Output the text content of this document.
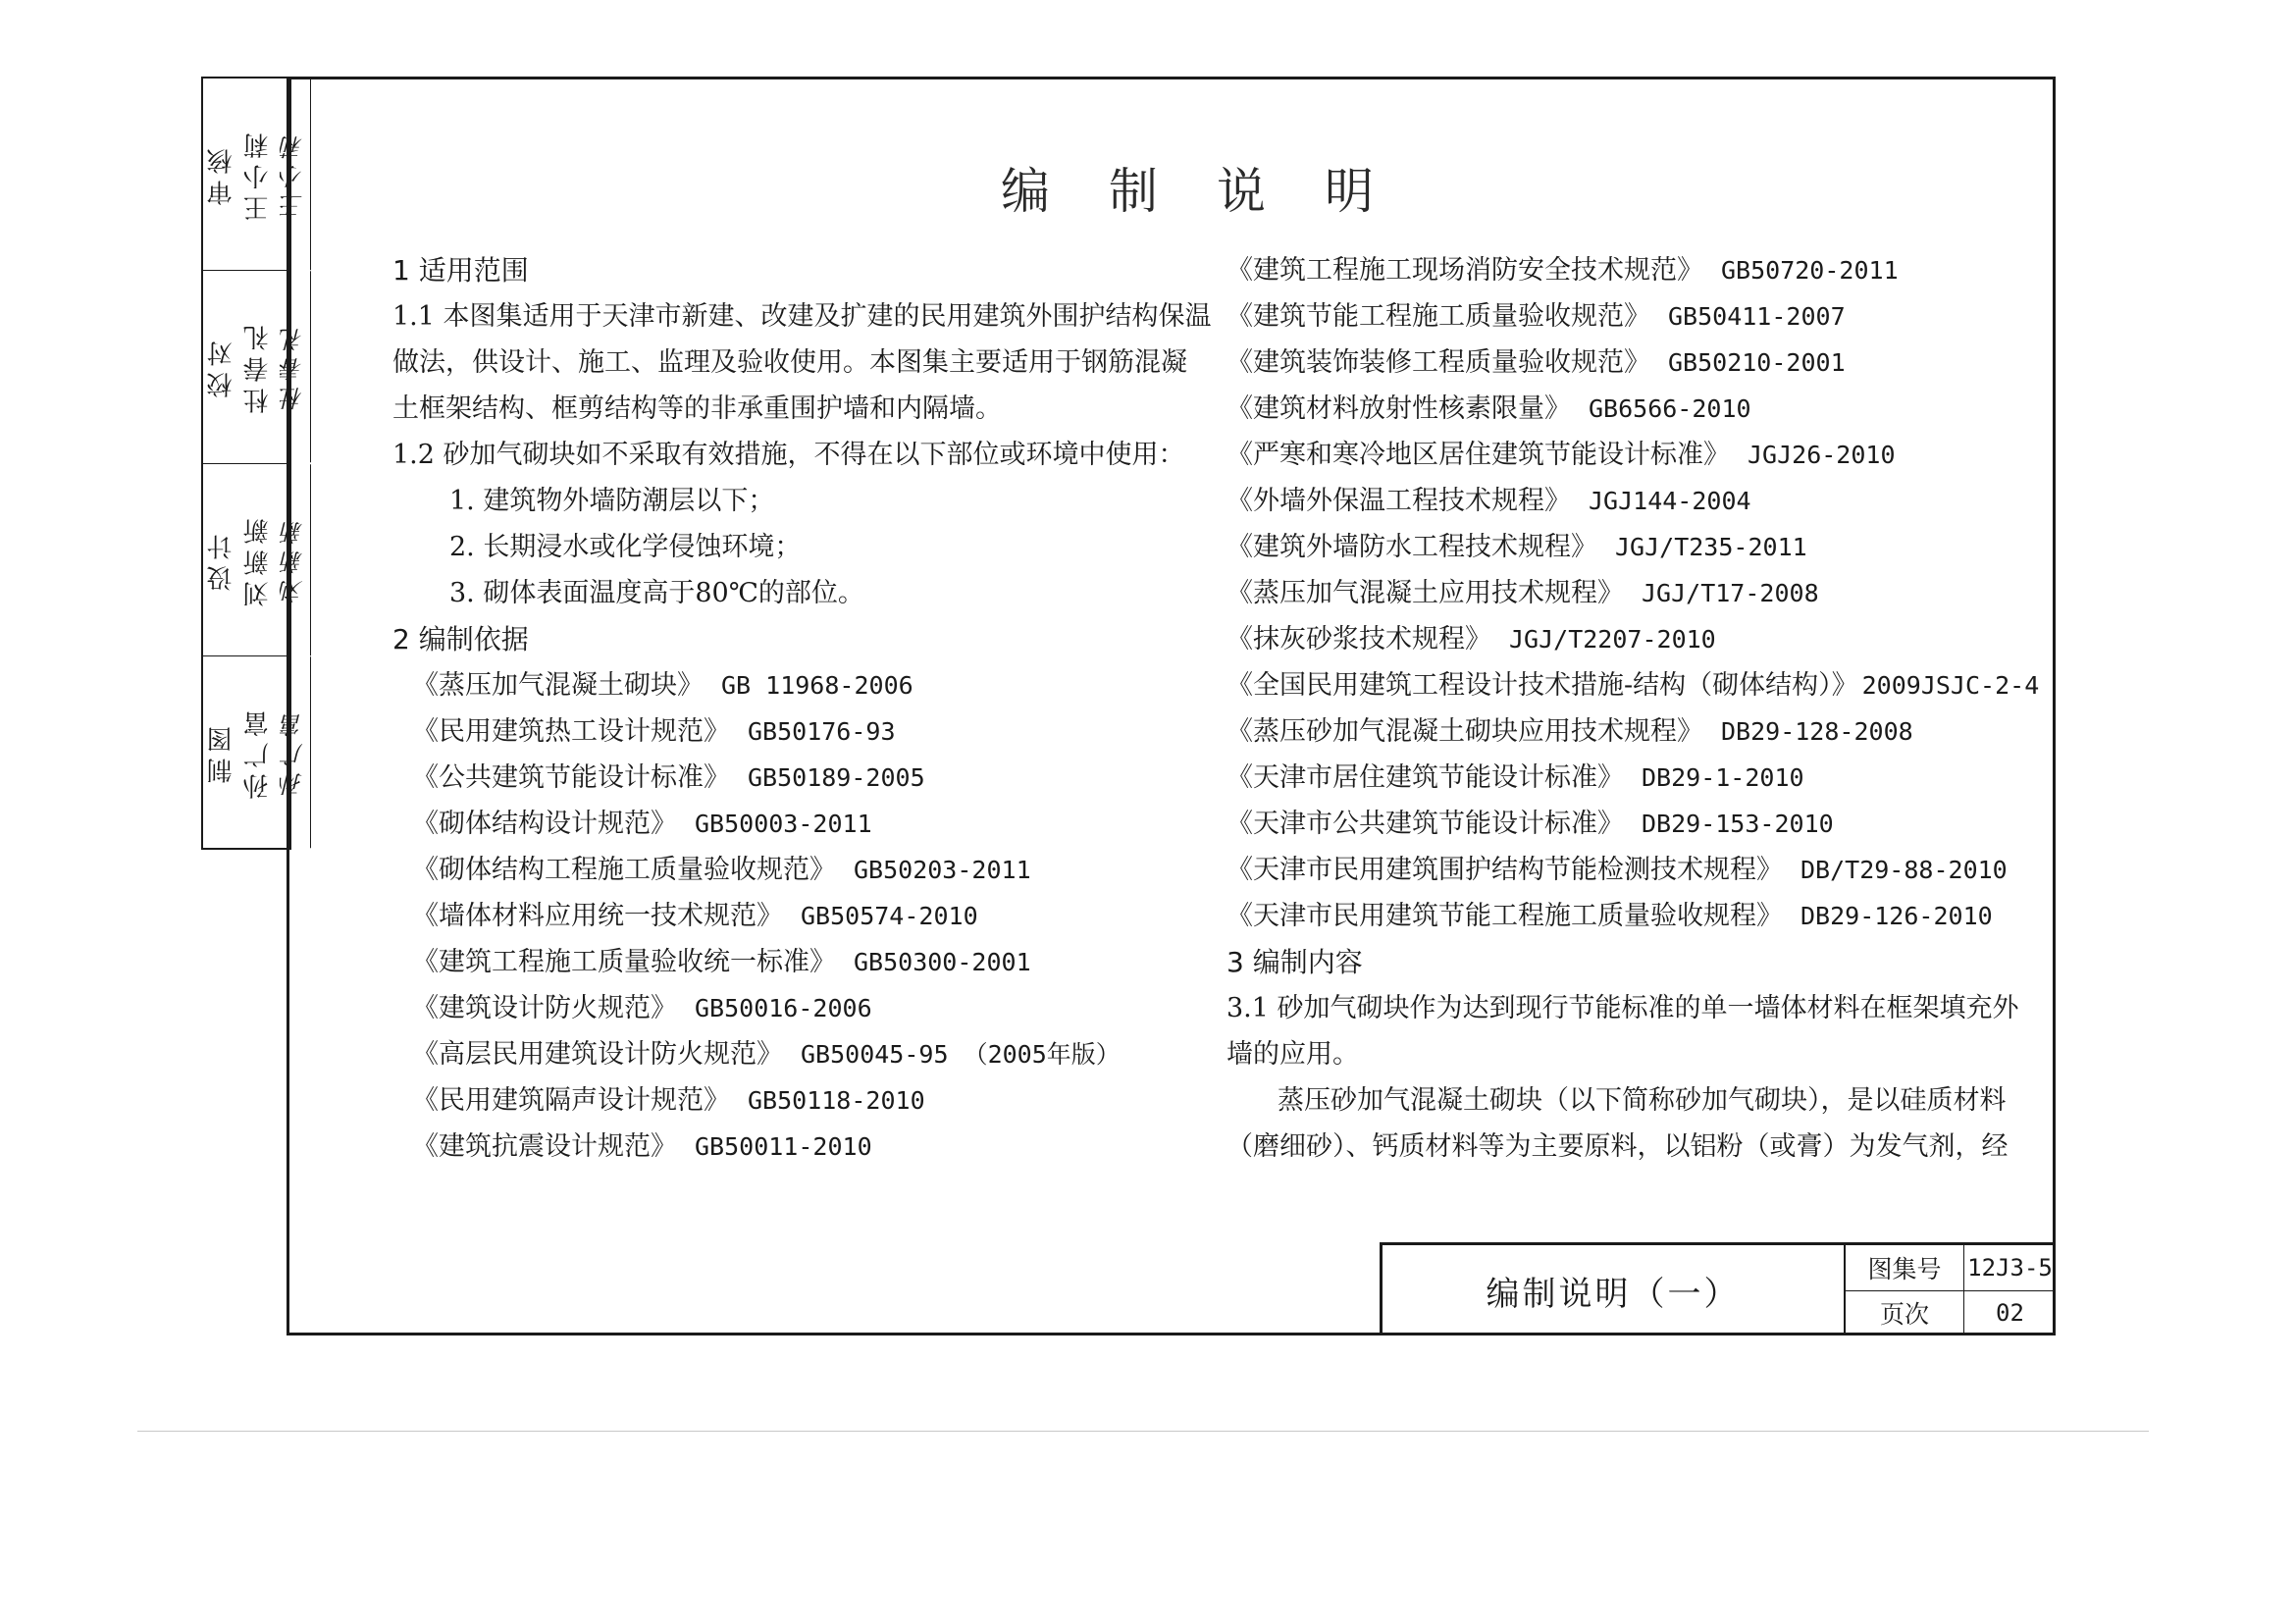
审核 王小莉 王小莉
校对 杜春礼 杜春礼
设计 刘新新 刘新新
制图 孙广富 孙广富
编制说明
1 适用范围
1.1 本图集适用于天津市新建、改建及扩建的民用建筑外围护结构保温
做法，供设计、施工、监理及验收使用。本图集主要适用于钢筋混凝
土框架结构、框剪结构等的非承重围护墙和内隔墙。
1.2 砂加气砌块如不采取有效措施，不得在以下部位或环境中使用：
1. 建筑物外墙防潮层以下；
2. 长期浸水或化学侵蚀环境；
3. 砌体表面温度高于80℃的部位。
2 编制依据
《蒸压加气混凝土砌块》 GB 11968-2006
《民用建筑热工设计规范》 GB50176-93
《公共建筑节能设计标准》 GB50189-2005
《砌体结构设计规范》 GB50003-2011
《砌体结构工程施工质量验收规范》 GB50203-2011
《墙体材料应用统一技术规范》 GB50574-2010
《建筑工程施工质量验收统一标准》 GB50300-2001
《建筑设计防火规范》 GB50016-2006
《高层民用建筑设计防火规范》 GB50045-95 （2005年版）
《民用建筑隔声设计规范》 GB50118-2010
《建筑抗震设计规范》 GB50011-2010
《建筑工程施工现场消防安全技术规范》 GB50720-2011
《建筑节能工程施工质量验收规范》 GB50411-2007
《建筑装饰装修工程质量验收规范》 GB50210-2001
《建筑材料放射性核素限量》 GB6566-2010
《严寒和寒冷地区居住建筑节能设计标准》 JGJ26-2010
《外墙外保温工程技术规程》 JGJ144-2004
《建筑外墙防水工程技术规程》 JGJ/T235-2011
《蒸压加气混凝土应用技术规程》 JGJ/T17-2008
《抹灰砂浆技术规程》 JGJ/T2207-2010
《全国民用建筑工程设计技术措施-结构（砌体结构）》 2009JSJC-2-4
《蒸压砂加气混凝土砌块应用技术规程》 DB29-128-2008
《天津市居住建筑节能设计标准》 DB29-1-2010
《天津市公共建筑节能设计标准》 DB29-153-2010
《天津市民用建筑围护结构节能检测技术规程》 DB/T29-88-2010
《天津市民用建筑节能工程施工质量验收规程》 DB29-126-2010
3 编制内容
3.1 砂加气砌块作为达到现行节能标准的单一墙体材料在框架填充外
墙的应用。
蒸压砂加气混凝土砌块（以下简称砂加气砌块），是以硅质材料
（磨细砂）、钙质材料等为主要原料，以铝粉（或膏）为发气剂，经
编制说明（一）
图集号	12J3-5
页次	02
